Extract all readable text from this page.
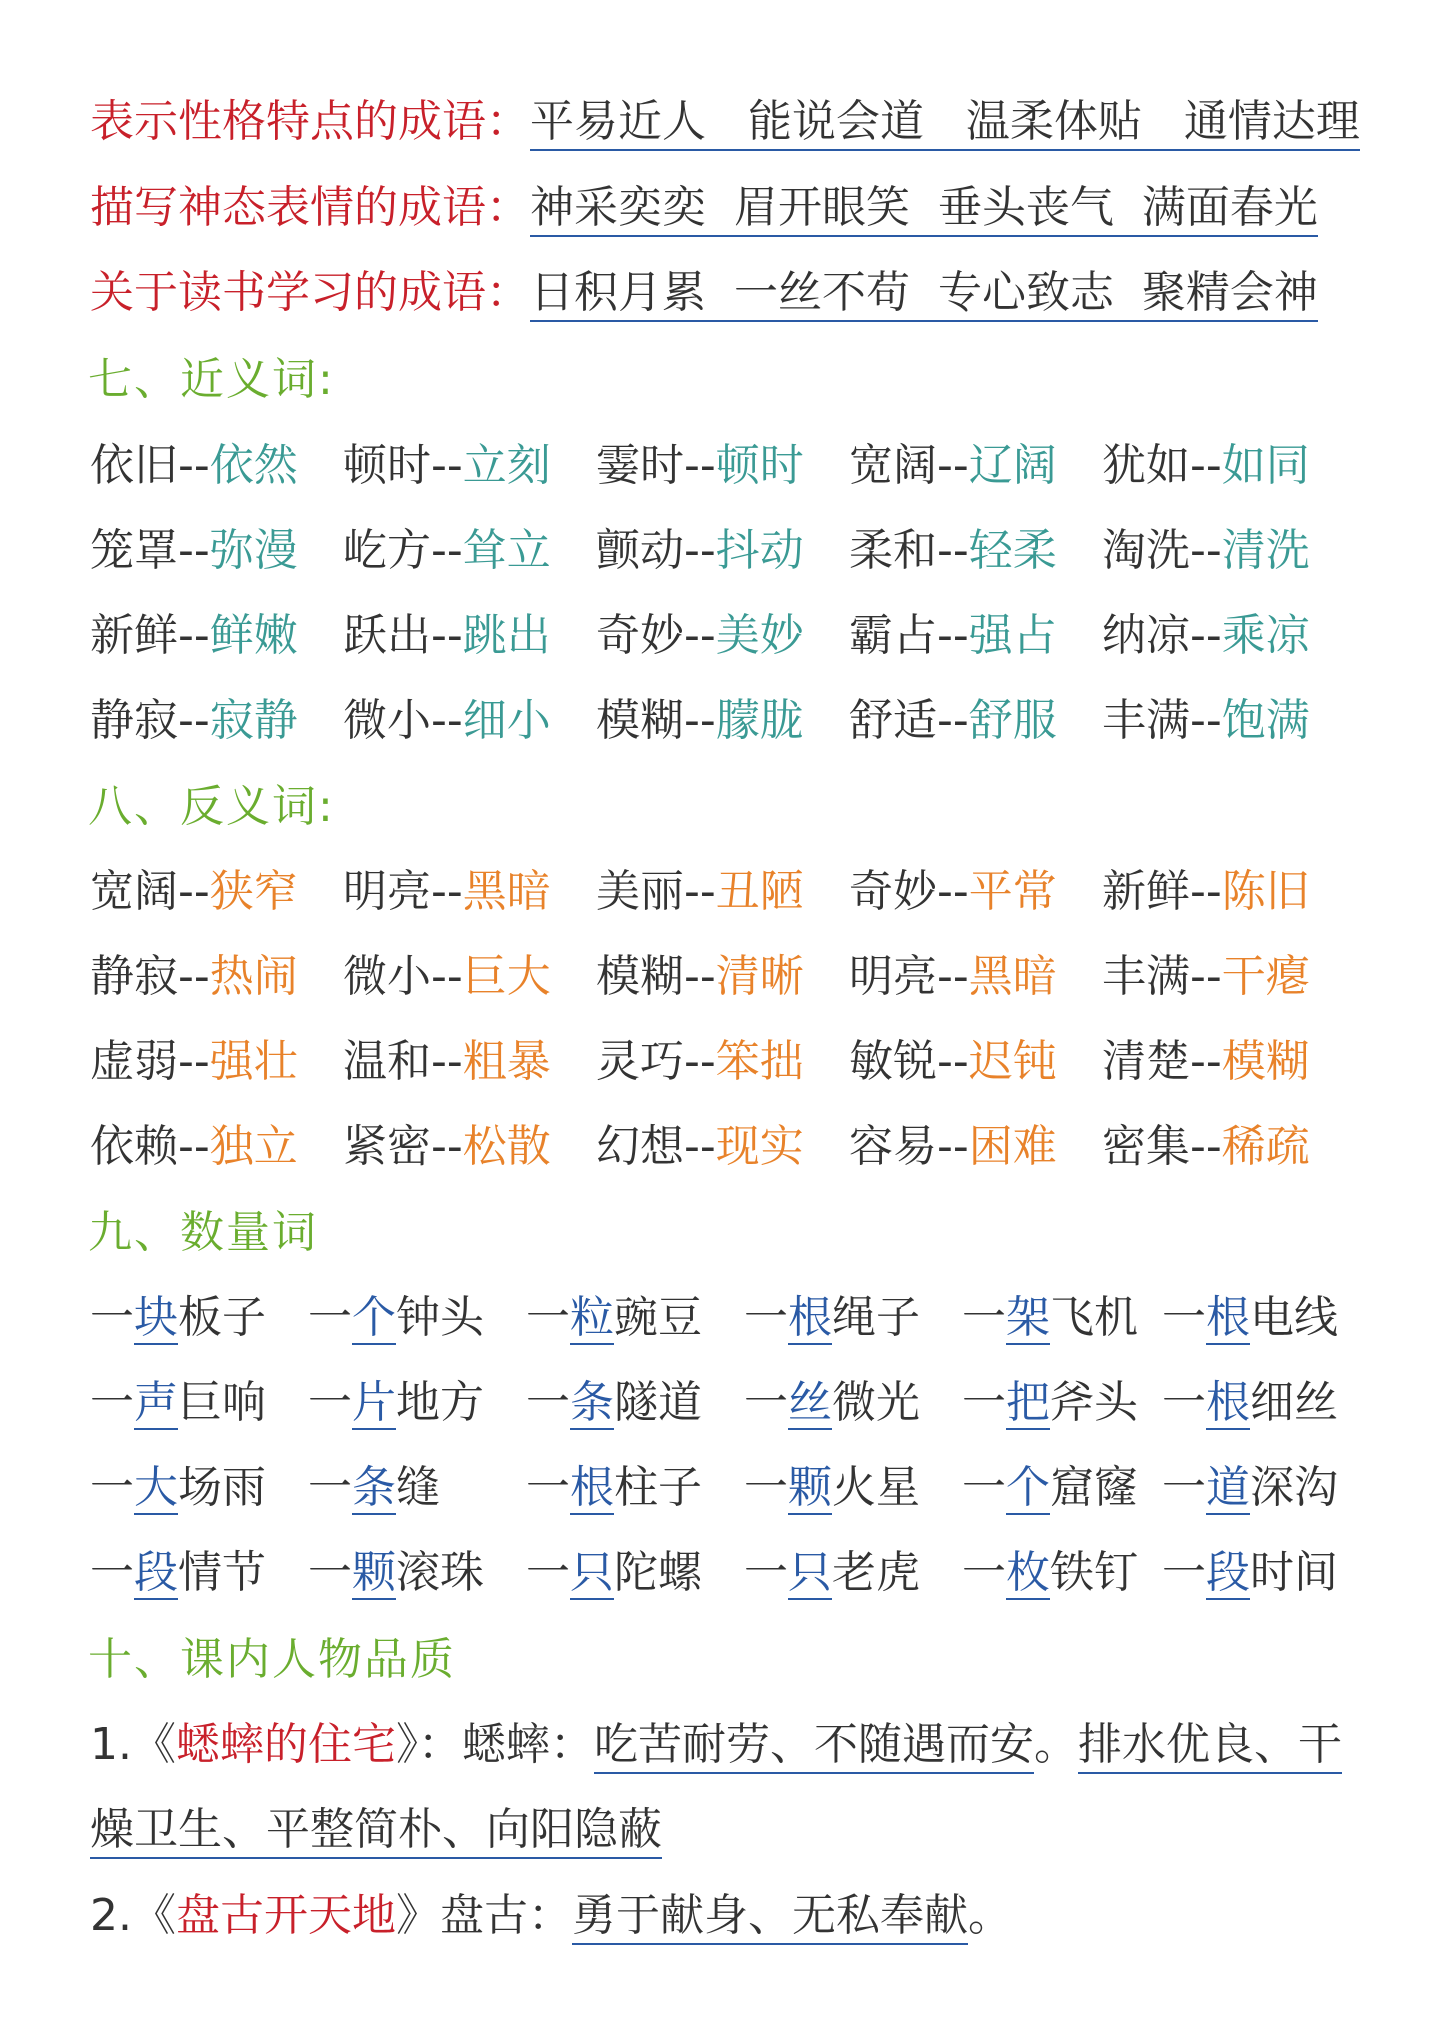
表示性格特点的成语：平易近人   能说会道   温柔体贴   通情达理
描写神态表情的成语：神采奕奕  眉开眼笑  垂头丧气  满面春光
关于读书学习的成语：日积月累  一丝不苟  专心致志  聚精会神
七、近义词:
依旧--依然 顿时--立刻 霎时--顿时 宽阔--辽阔 犹如--如同
笼罩--弥漫 屹方--耸立 颤动--抖动 柔和--轻柔 淘洗--清洗
新鲜--鲜嫩 跃出--跳出 奇妙--美妙 霸占--强占 纳凉--乘凉
静寂--寂静 微小--细小 模糊--朦胧 舒适--舒服 丰满--饱满
八、反义词:
宽阔--狭窄 明亮--黑暗 美丽--丑陋 奇妙--平常 新鲜--陈旧
静寂--热闹 微小--巨大 模糊--清晰 明亮--黑暗 丰满--干瘪
虚弱--强壮 温和--粗暴 灵巧--笨拙 敏锐--迟钝 清楚--模糊
依赖--独立 紧密--松散 幻想--现实 容易--困难 密集--稀疏
九、数量词
一块板子 一个钟头 一粒豌豆 一根绳子 一架飞机 一根电线
一声巨响 一片地方 一条隧道 一丝微光 一把斧头 一根细丝
一大场雨 一条缝 一根柱子 一颗火星 一个窟窿 一道深沟
一段情节 一颗滚珠 一只陀螺 一只老虎 一枚铁钉 一段时间
十、课内人物品质
1.《蟋蟀的住宅》：蟋蟀：吃苦耐劳、不随遇而安。排水优良、干
燥卫生、平整简朴、向阳隐蔽
2.《盘古开天地》盘古：勇于献身、无私奉献。
